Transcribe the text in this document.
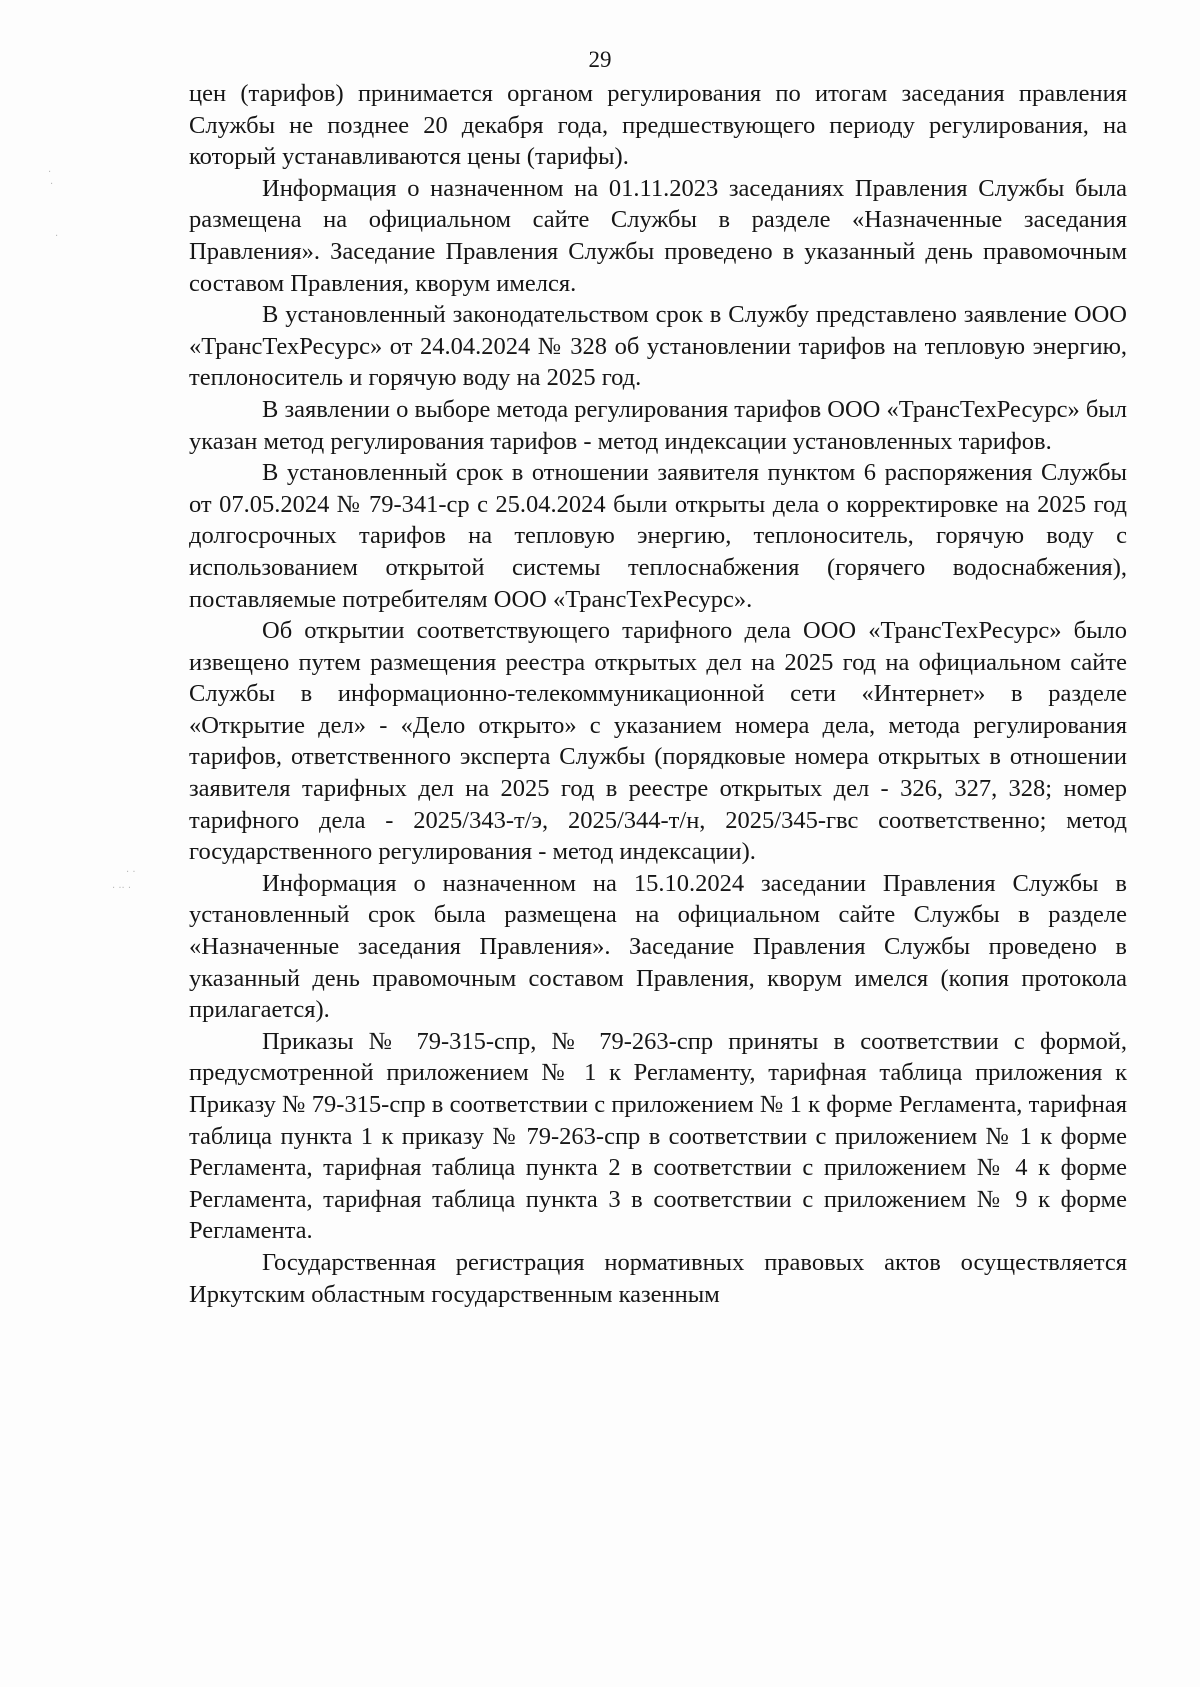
29
·
·
·
· ·
· ·· ·

цен (тарифов) принимается органом регулирования по итогам заседания правления Службы не позднее 20 декабря года, предшествующего периоду регулирования, на который устанавливаются цены (тарифы).

Информация о назначенном на 01.11.2023 заседаниях Правления Службы была размещена на официальном сайте Службы в разделе «Назначенные заседания Правления». Заседание Правления Службы проведено в указанный день правомочным составом Правления, кворум имелся.

В установленный законодательством срок в Службу представлено заявление ООО «ТрансТехРесурс» от 24.04.2024 № 328 об установлении тарифов на тепловую энергию, теплоноситель и горячую воду на 2025 год.

В заявлении о выборе метода регулирования тарифов ООО «ТрансТехРесурс» был указан метод регулирования тарифов - метод индексации установленных тарифов.

В установленный срок в отношении заявителя пунктом 6 распоряжения Службы от 07.05.2024 № 79-341-ср с 25.04.2024 были открыты дела о корректировке на 2025 год долгосрочных тарифов на тепловую энергию, теплоноситель, горячую воду с использованием открытой системы теплоснабжения (горячего водоснабжения), поставляемые потребителям ООО «ТрансТехРесурс».

Об открытии соответствующего тарифного дела ООО «ТрансТехРесурс» было извещено путем размещения реестра открытых дел на 2025 год на официальном сайте Службы в информационно-телекоммуникационной сети «Интернет» в разделе «Открытие дел» - «Дело открыто» с указанием номера дела, метода регулирования тарифов, ответственного эксперта Службы (порядковые номера открытых в отношении заявителя тарифных дел на 2025 год в реестре открытых дел - 326, 327, 328; номер тарифного дела - 2025/343-т/э, 2025/344-т/н, 2025/345-гвс соответственно; метод государственного регулирования - метод индексации).

Информация о назначенном на 15.10.2024 заседании Правления Службы в установленный срок была размещена на официальном сайте Службы в разделе «Назначенные заседания Правления». Заседание Правления Службы проведено в указанный день правомочным составом Правления, кворум имелся (копия протокола прилагается).

Приказы № 79-315-спр, № 79-263-спр приняты в соответствии с формой, предусмотренной приложением № 1 к Регламенту, тарифная таблица приложения к Приказу № 79-315-спр в соответствии с приложением № 1 к форме Регламента, тарифная таблица пункта 1 к приказу № 79-263-спр в соответствии с приложением № 1 к форме Регламента, тарифная таблица пункта 2 в соответствии с приложением № 4 к форме Регламента, тарифная таблица пункта 3 в соответствии с приложением № 9 к форме Регламента.

Государственная регистрация нормативных правовых актов осуществляется Иркутским областным государственным казенным
